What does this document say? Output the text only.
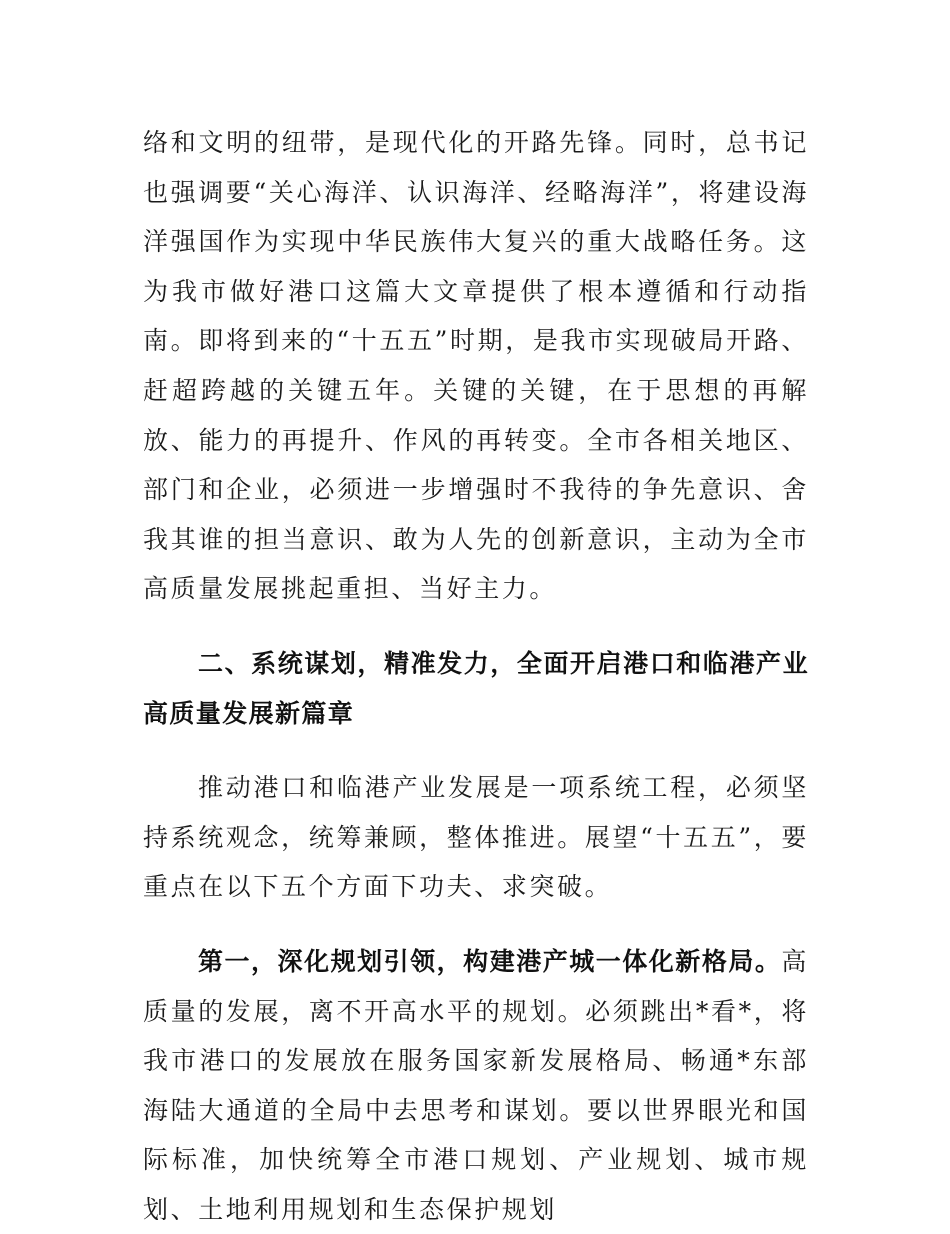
络和文明的纽带，是现代化的开路先锋。同时，总书记也强调要“关心海洋、认识海洋、经略海洋”，将建设海洋强国作为实现中华民族伟大复兴的重大战略任务。这为我市做好港口这篇大文章提供了根本遵循和行动指南。即将到来的“十五五”时期，是我市实现破局开路、赶超跨越的关键五年。关键的关键，在于思想的再解放、能力的再提升、作风的再转变。全市各相关地区、部门和企业，必须进一步增强时不我待的争先意识、舍我其谁的担当意识、敢为人先的创新意识，主动为全市高质量发展挑起重担、当好主力。

二、系统谋划，精准发力，全面开启港口和临港产业高质量发展新篇章

推动港口和临港产业发展是一项系统工程，必须坚持系统观念，统筹兼顾，整体推进。展望“十五五”，要重点在以下五个方面下功夫、求突破。

第一，深化规划引领，构建港产城一体化新格局。高质量的发展，离不开高水平的规划。必须跳出*看*，将我市港口的发展放在服务国家新发展格局、畅通*东部海陆大通道的全局中去思考和谋划。要以世界眼光和国际标准，加快统筹全市港口规划、产业规划、城市规划、土地利用规划和生态保护规划
